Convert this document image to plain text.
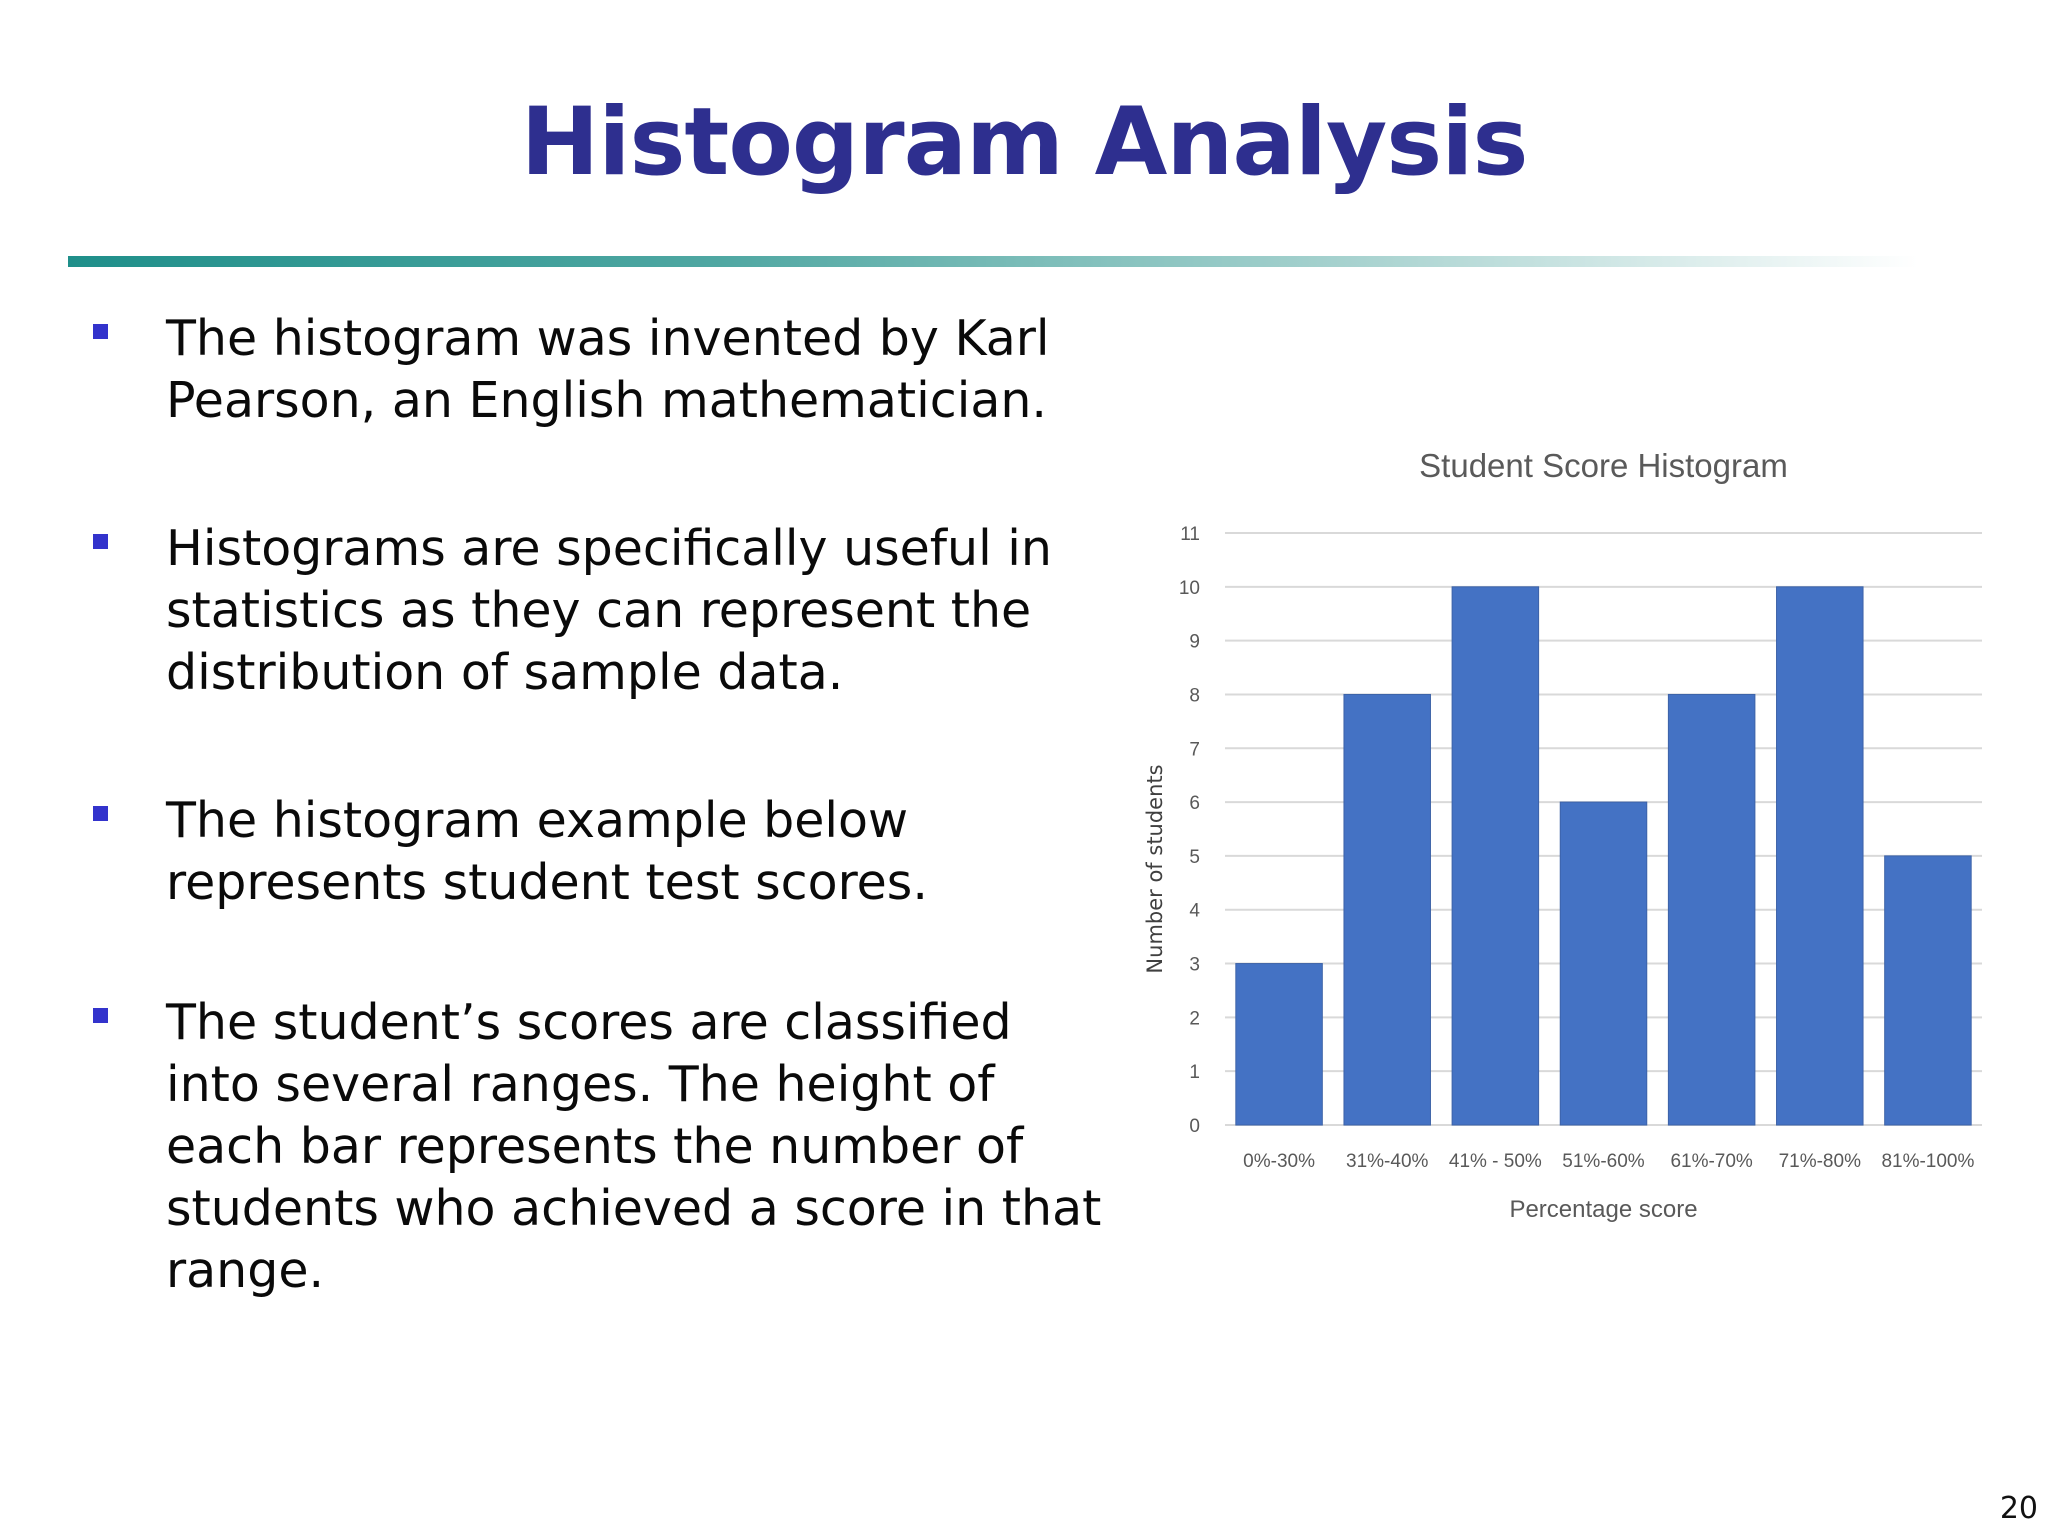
Histogram Analysis
The histogram was invented by Karl Pearson, an English mathematician.
Histograms are specifically useful in statistics as they can represent the distribution of sample data.
The histogram example below represents student test scores.
The student’s scores are classified into several ranges. The height of each bar represents the number of students who achieved a score in that range.
Student Score Histogram
0
1
2
3
4
5
6
7
8
9
10
11
0%-30% 31%-40% 41% - 50% 51%-60% 61%-70% 71%-80% 81%-100%
Percentage score
Number of students
20
